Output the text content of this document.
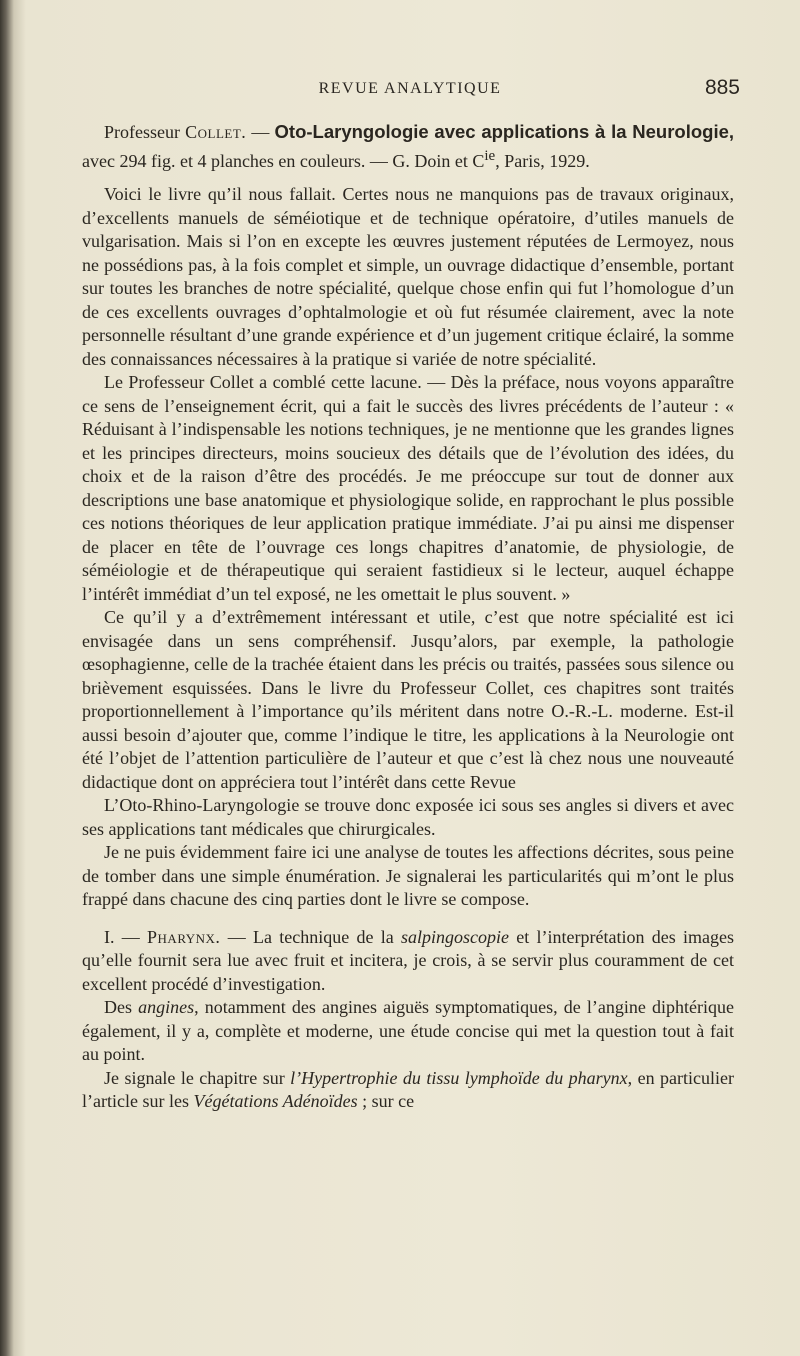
REVUE ANALYTIQUE	885

Professeur Collet. — Oto-Laryngologie avec applications à la Neurologie, avec 294 fig. et 4 planches en couleurs. — G. Doin et $C^{ie}$, Paris, 1929.

Voici le livre qu’il nous fallait. Certes nous ne manquions pas de travaux originaux, d’excellents manuels de séméiotique et de technique opératoire, d’utiles manuels de vulgarisation. Mais si l’on en excepte les œuvres justement réputées de Lermoyez, nous ne possédions pas, à la fois complet et simple, un ouvrage didactique d’ensemble, portant sur toutes les branches de notre spécialité, quelque chose enfin qui fut l’homologue d’un de ces excellents ouvrages d’ophtalmologie et où fut résumée clairement, avec la note personnelle résultant d’une grande expérience et d’un jugement critique éclairé, la somme des connaissances nécessaires à la pratique si variée de notre spécialité.

Le Professeur Collet a comblé cette lacune. — Dès la préface, nous voyons apparaître ce sens de l’enseignement écrit, qui a fait le succès des livres précédents de l’auteur : « Réduisant à l’indispensable les notions techniques, je ne mentionne que les grandes lignes et les principes directeurs, moins soucieux des détails que de l’évolution des idées, du choix et de la raison d’être des procédés. Je me préoccupe sur tout de donner aux descriptions une base anatomique et physiologique solide, en rapprochant le plus possible ces notions théoriques de leur application pratique immédiate. J’ai pu ainsi me dispenser de placer en tête de l’ouvrage ces longs chapitres d’anatomie, de physiologie, de séméiologie et de thérapeutique qui seraient fastidieux si le lecteur, auquel échappe l’intérêt immédiat d’un tel exposé, ne les omettait le plus souvent. »

Ce qu’il y a d’extrêmement intéressant et utile, c’est que notre spécialité est ici envisagée dans un sens compréhensif. Jusqu’alors, par exemple, la pathologie œsophagienne, celle de la trachée étaient dans les précis ou traités, passées sous silence ou brièvement esquissées. Dans le livre du Professeur Collet, ces chapitres sont traités proportionnellement à l’importance qu’ils méritent dans notre O.-R.-L. moderne. Est-il aussi besoin d’ajouter que, comme l’indique le titre, les applications à la Neurologie ont été l’objet de l’attention particulière de l’auteur et que c’est là chez nous une nouveauté didactique dont on appréciera tout l’intérêt dans cette Revue

L’Oto-Rhino-Laryngologie se trouve donc exposée ici sous ses angles si divers et avec ses applications tant médicales que chirurgicales.

Je ne puis évidemment faire ici une analyse de toutes les affections décrites, sous peine de tomber dans une simple énumération. Je signalerai les particularités qui m’ont le plus frappé dans chacune des cinq parties dont le livre se compose.

I. — Pharynx. — La technique de la salpingoscopie et l’interprétation des images qu’elle fournit sera lue avec fruit et incitera, je crois, à se servir plus couramment de cet excellent procédé d’investigation.

Des angines, notamment des angines aiguës symptomatiques, de l’angine diphtérique également, il y a, complète et moderne, une étude concise qui met la question tout à fait au point.

Je signale le chapitre sur l’Hypertrophie du tissu lymphoïde du pharynx, en particulier l’article sur les Végétations Adénoïdes ; sur ce
